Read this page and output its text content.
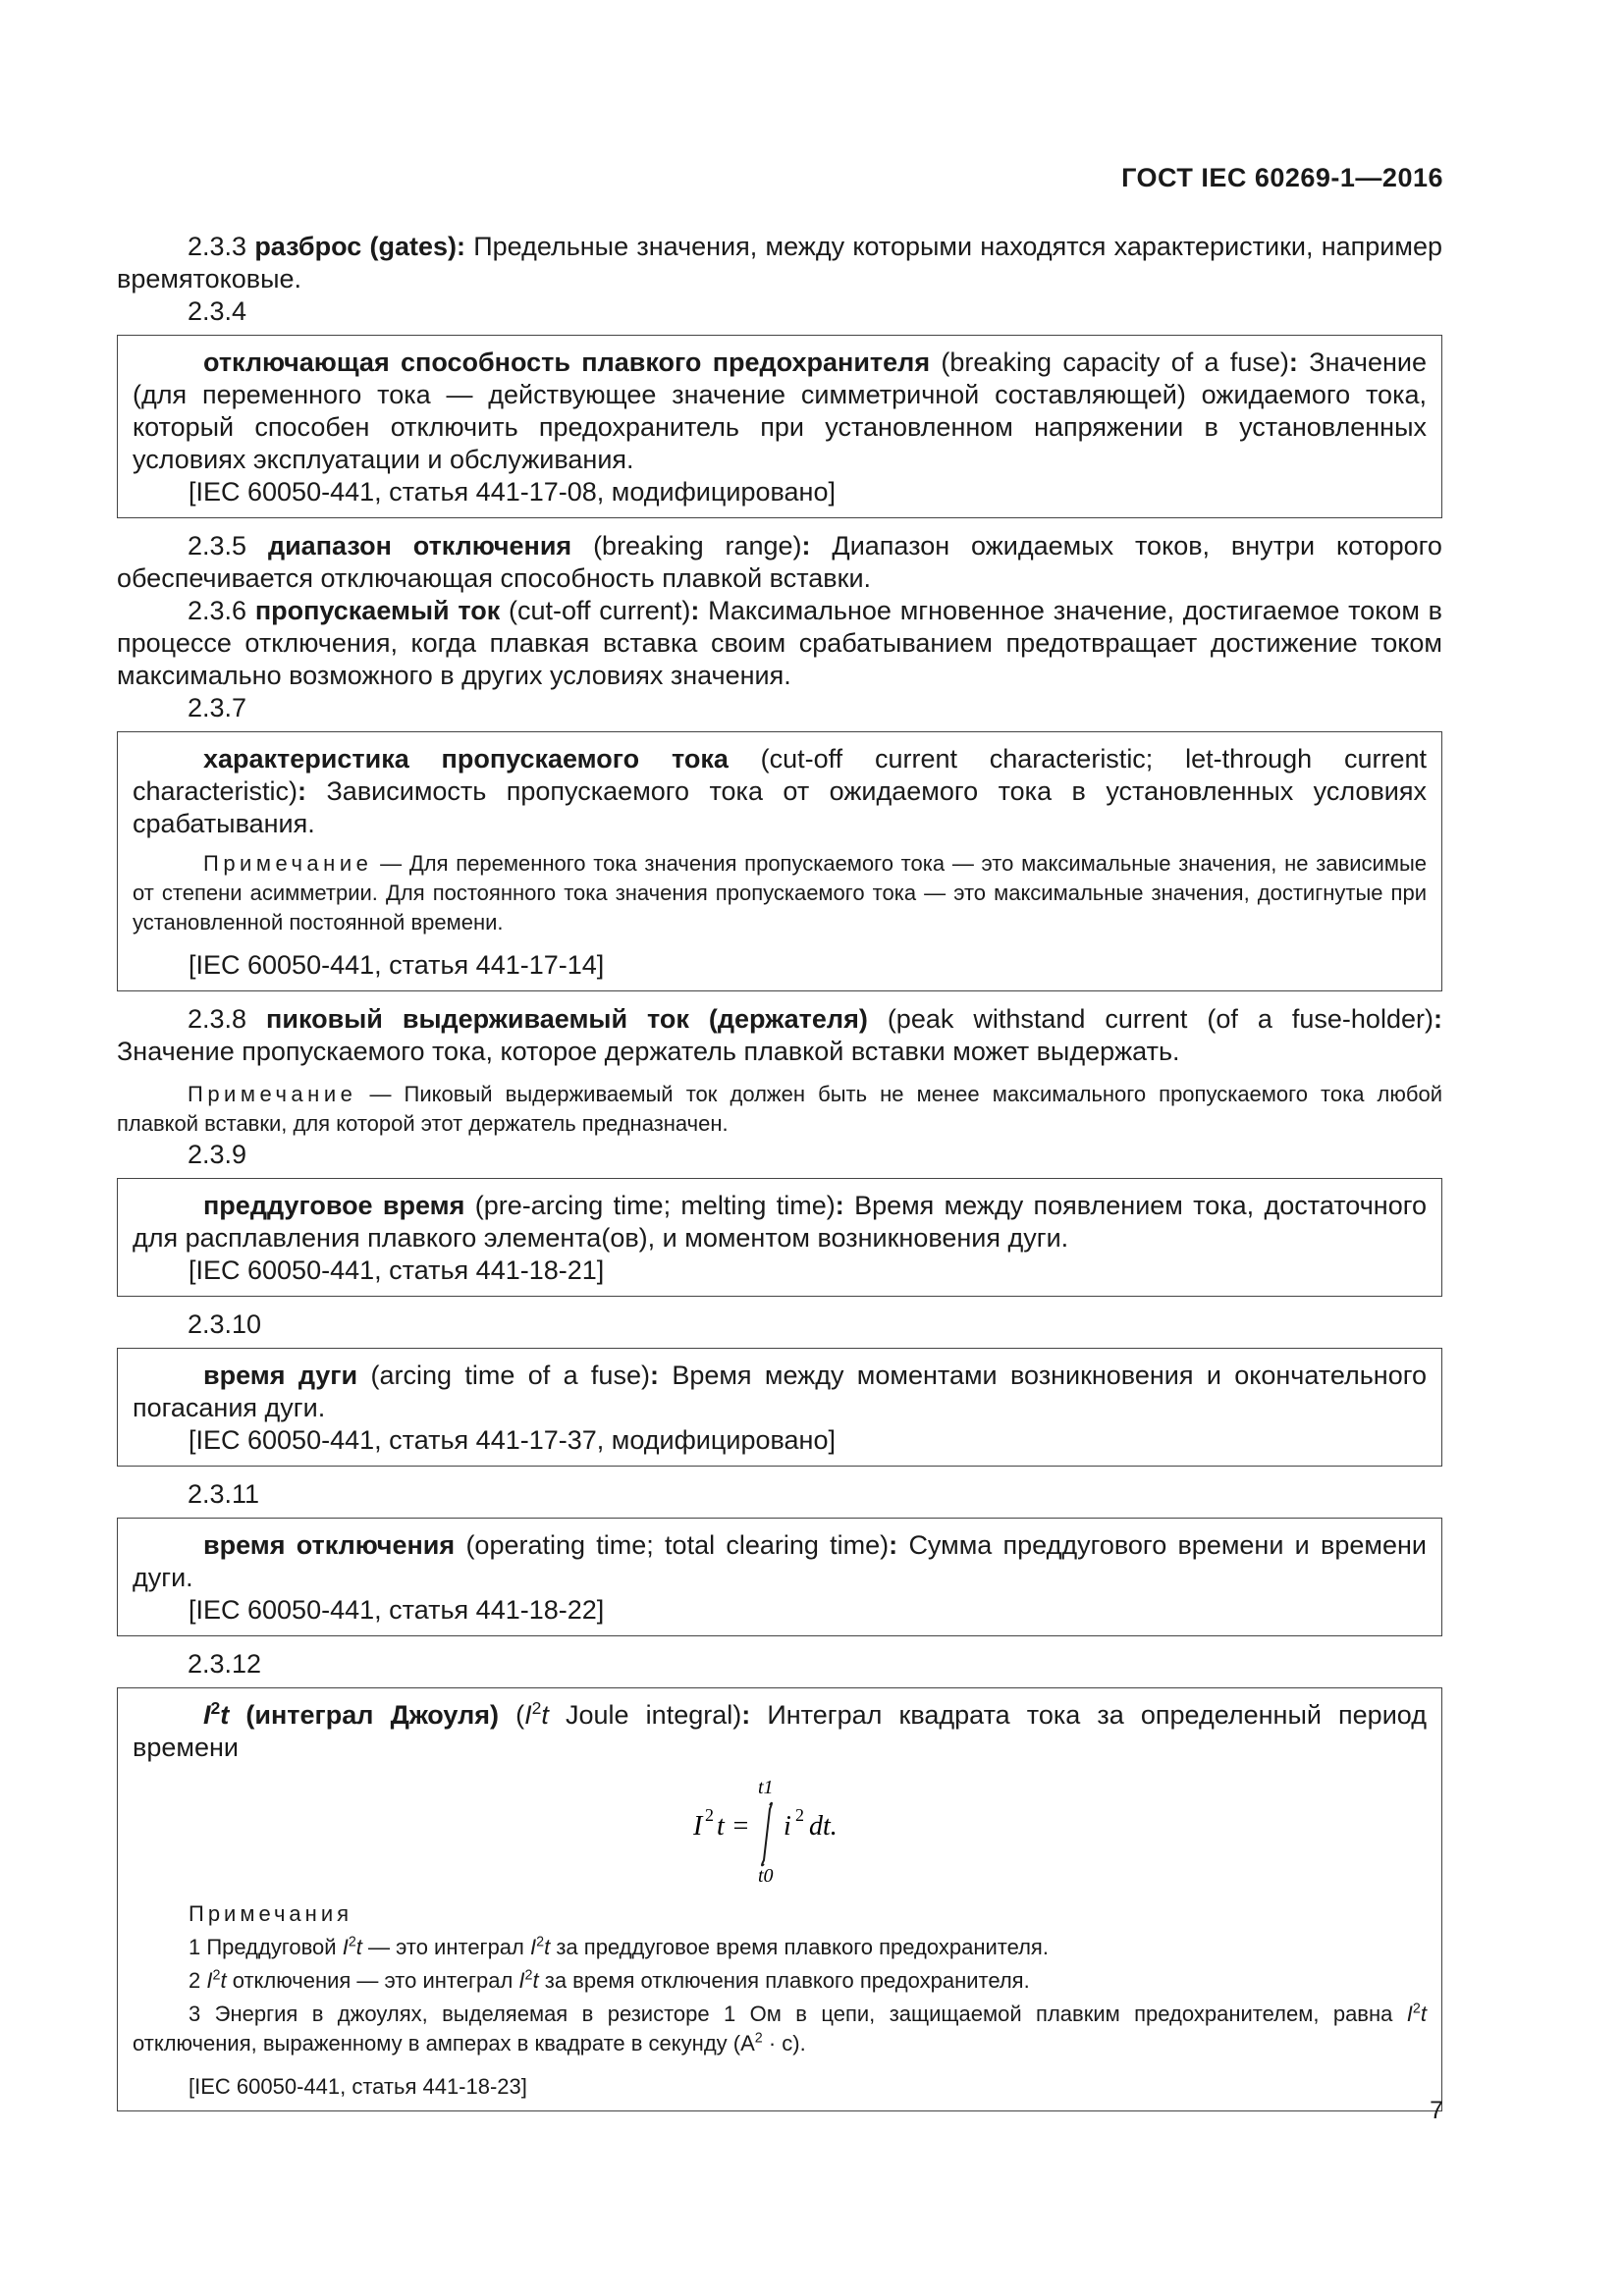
ГОСТ IEC 60269-1—2016

2.3.3 разброс (gates): Предельные значения, между которыми находятся характеристики, например времятоковые.

2.3.4

отключающая способность плавкого предохранителя (breaking capacity of a fuse): Значение (для переменного тока — действующее значение симметричной составляющей) ожидаемого тока, который способен отключить предохранитель при установленном напряжении в установленных условиях эксплуатации и обслуживания.

[IEC 60050-441, статья 441-17-08, модифицировано]

2.3.5 диапазон отключения (breaking range): Диапазон ожидаемых токов, внутри которого обеспечивается отключающая способность плавкой вставки.

2.3.6 пропускаемый ток (cut-off current): Максимальное мгновенное значение, достигаемое током в процессе отключения, когда плавкая вставка своим срабатыванием предотвращает достижение током максимально возможного в других условиях значения.

2.3.7

характеристика пропускаемого тока (cut-off current characteristic; let-through current characteristic): Зависимость пропускаемого тока от ожидаемого тока в установленных условиях срабатывания.

Примечание — Для переменного тока значения пропускаемого тока — это максимальные значения, не зависимые от степени асимметрии. Для постоянного тока значения пропускаемого тока — это максимальные значения, достигнутые при установленной постоянной времени.

[IEC 60050-441, статья 441-17-14]

2.3.8 пиковый выдерживаемый ток (держателя) (peak withstand current (of a fuse-holder): Значение пропускаемого тока, которое держатель плавкой вставки может выдержать.

Примечание — Пиковый выдерживаемый ток должен быть не менее максимального пропускаемого тока любой плавкой вставки, для которой этот держатель предназначен.

2.3.9

преддуговое время (pre-arcing time; melting time): Время между появлением тока, достаточного для расплавления плавкого элемента(ов), и моментом возникновения дуги.

[IEC 60050-441, статья 441-18-21]

2.3.10

время дуги (arcing time of a fuse): Время между моментами возникновения и окончательного погасания дуги.

[IEC 60050-441, статья 441-17-37, модифицировано]

2.3.11

время отключения (operating time; total clearing time): Сумма преддугового времени и времени дуги.

[IEC 60050-441, статья 441-18-22]

2.3.12

$I^2t$ (интеграл Джоуля) ($I^2t$ Joule integral): Интеграл квадрата тока за определенный период времени

I 2 t =
t1
t0
i 2 dt.

Примечания

1 Преддуговой $I^2t$ — это интеграл $I^2t$ за преддуговое время плавкого предохранителя.

2 $I^2t$ отключения — это интеграл $I^2t$ за время отключения плавкого предохранителя.

3 Энергия в джоулях, выделяемая в резисторе 1 Ом в цепи, защищаемой плавким предохранителем, равна $I^2t$ отключения, выраженному в амперах в квадрате в секунду $(А^2 \cdot с)$.

[IEC 60050-441, статья 441-18-23]

7
